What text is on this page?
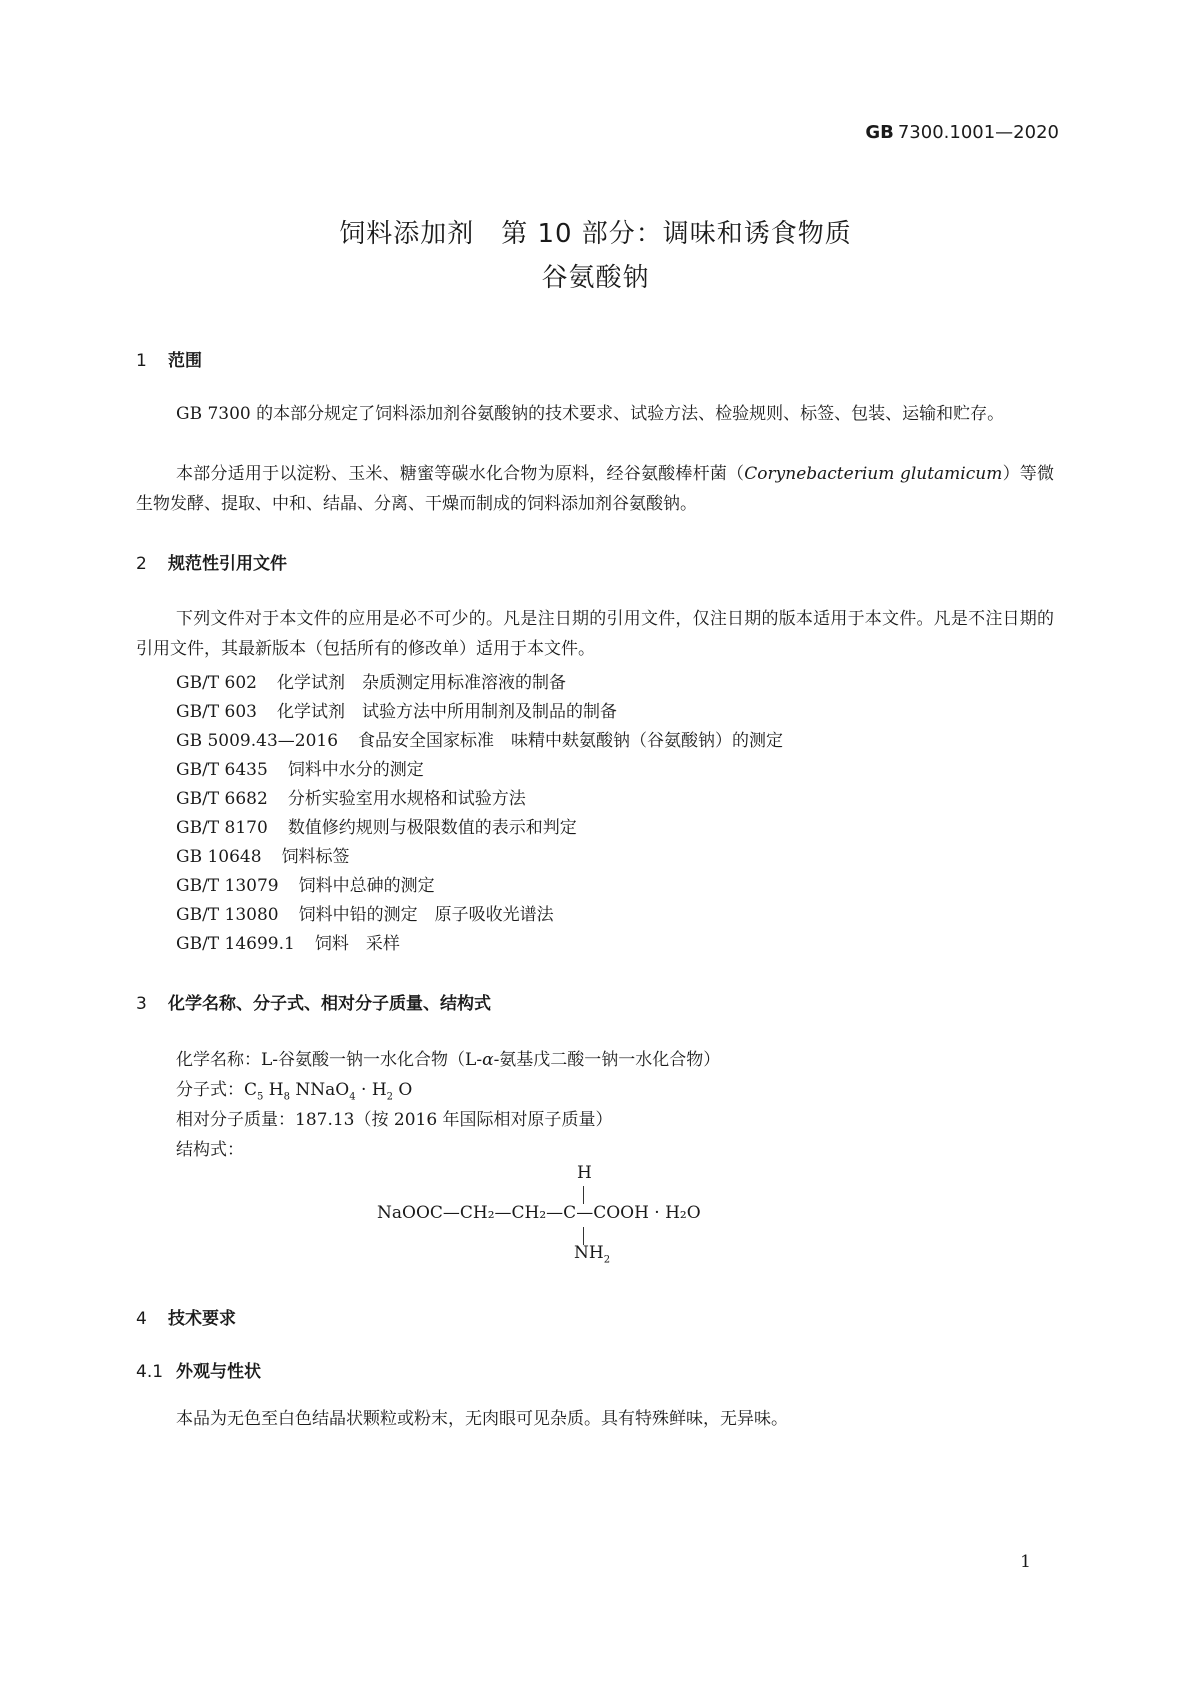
GB 7300.1001—2020
饲料添加剂　第 10 部分：调味和诱食物质
谷氨酸钠
1 范围
GB 7300 的本部分规定了饲料添加剂谷氨酸钠的技术要求、试验方法、检验规则、标签、包装、运输和贮存。
本部分适用于以淀粉、玉米、糖蜜等碳水化合物为原料，经谷氨酸棒杆菌（Corynebacterium glutamicum）等微生物发酵、提取、中和、结晶、分离、干燥而制成的饲料添加剂谷氨酸钠。
2 规范性引用文件
下列文件对于本文件的应用是必不可少的。凡是注日期的引用文件，仅注日期的版本适用于本文件。凡是不注日期的引用文件，其最新版本（包括所有的修改单）适用于本文件。
GB/T 602 化学试剂　杂质测定用标准溶液的制备
GB/T 603 化学试剂　试验方法中所用制剂及制品的制备
GB 5009.43—2016 食品安全国家标准　味精中麸氨酸钠（谷氨酸钠）的测定
GB/T 6435 饲料中水分的测定
GB/T 6682 分析实验室用水规格和试验方法
GB/T 8170 数值修约规则与极限数值的表示和判定
GB 10648 饲料标签
GB/T 13079 饲料中总砷的测定
GB/T 13080 饲料中铅的测定　原子吸收光谱法
GB/T 14699.1 饲料　采样
3 化学名称、分子式、相对分子质量、结构式
化学名称：L-谷氨酸一钠一水化合物（L-α-氨基戊二酸一钠一水化合物）
分子式：$C_5$ $H_8$ NNaO$_4$ · $H_2$ O
相对分子质量：187.13（按 2016 年国际相对原子质量）
结构式：
H
NaOOC—CH₂—CH₂—C—COOH · H₂O
$NH_2$
4 技术要求
4.1 外观与性状
本品为无色至白色结晶状颗粒或粉末，无肉眼可见杂质。具有特殊鲜味，无异味。
1
